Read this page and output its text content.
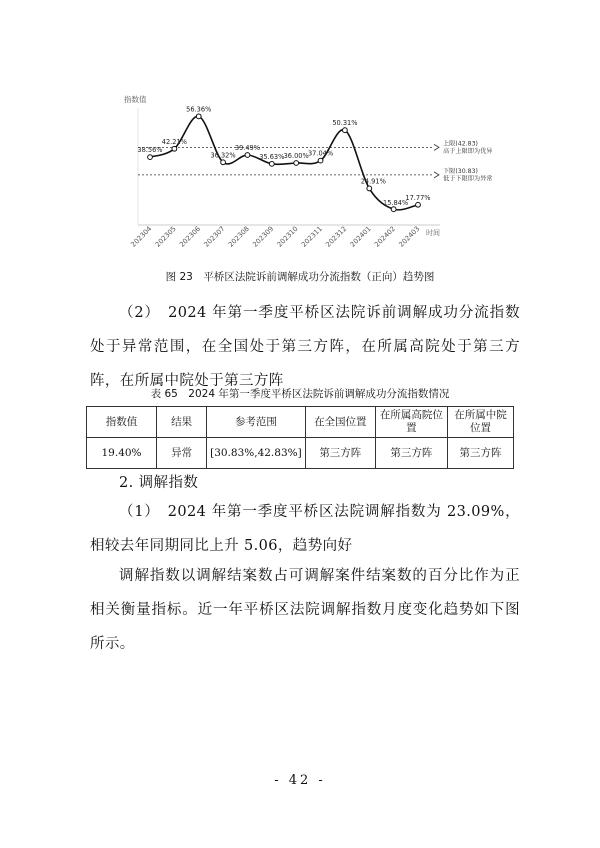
指数值
上限(42.83)
高于上限即为优异
下限(30.83)
低于下限即为异常
38.56%
42.21%
56.36%
36.32%
39.49%
35.63% 36.00% 37.04%
50.31%
24.91%
15.84%
17.77%
202304 202305 202306 202307 202308 202309 202310 202311 202312 202401 202402 202403 时间
图 23　平桥区法院诉前调解成功分流指数（正向）趋势图

（2）　2024 年第一季度平桥区法院诉前调解成功分流指数处于异常范围，在全国处于第三方阵，在所属高院处于第三方阵，在所属中院处于第三方阵

表 65　2024 年第一季度平桥区法院诉前调解成功分流指数情况
指数值	结果	参考范围	在全国位置	在所属高院位置	在所属中院位置
19.40%	异常	[30.83%,42.83%]	第三方阵	第三方阵	第三方阵

2. 调解指数

（1）　2024 年第一季度平桥区法院调解指数为 23.09%，相较去年同期同比上升 5.06，趋势向好

调解指数以调解结案数占可调解案件结案数的百分比作为正相关衡量指标。近一年平桥区法院调解指数月度变化趋势如下图所示。

- 42 -
